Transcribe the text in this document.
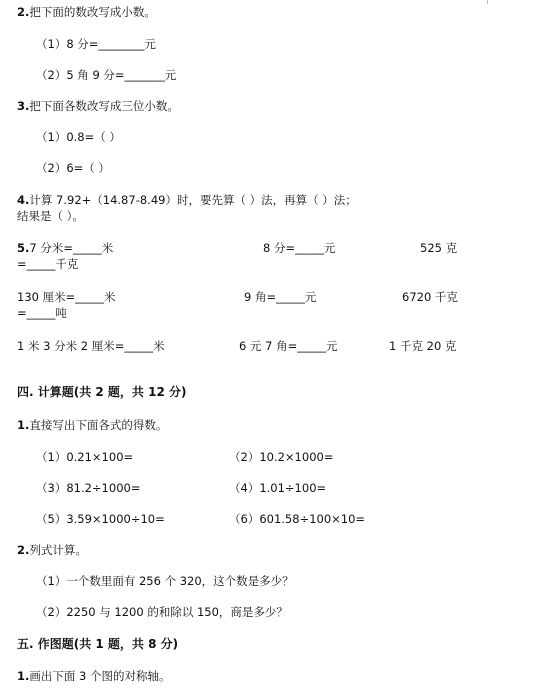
2.把下面的数改写成小数。
（1）8 分=________元
（2）5 角 9 分=_______元
3.把下面各数改写成三位小数。
（1）0.8=（ ）
（2）6=（ ）
4.计算 7.92+（14.87-8.49）时，要先算（ ）法，再算（ ）法；
结果是（ ）。
5.7 分米=_____米	8 分=_____元	525 克
=_____千克
130 厘米=_____米	9 角=_____元	6720 千克
=_____吨
1 米 3 分米 2 厘米=_____米	6 元 7 角=_____元	1 千克 20 克
四. 计算题(共 2 题，共 12 分)
1.直接写出下面各式的得数。
（1）0.21×100=	（2）10.2×1000=
（3）81.2÷1000=	（4）1.01÷100=
（5）3.59×1000÷10=	（6）601.58÷100×10=
2.列式计算。
（1）一个数里面有 256 个 320，这个数是多少？
（2）2250 与 1200 的和除以 150，商是多少？
五. 作图题(共 1 题，共 8 分)
1.画出下面 3 个图的对称轴。
